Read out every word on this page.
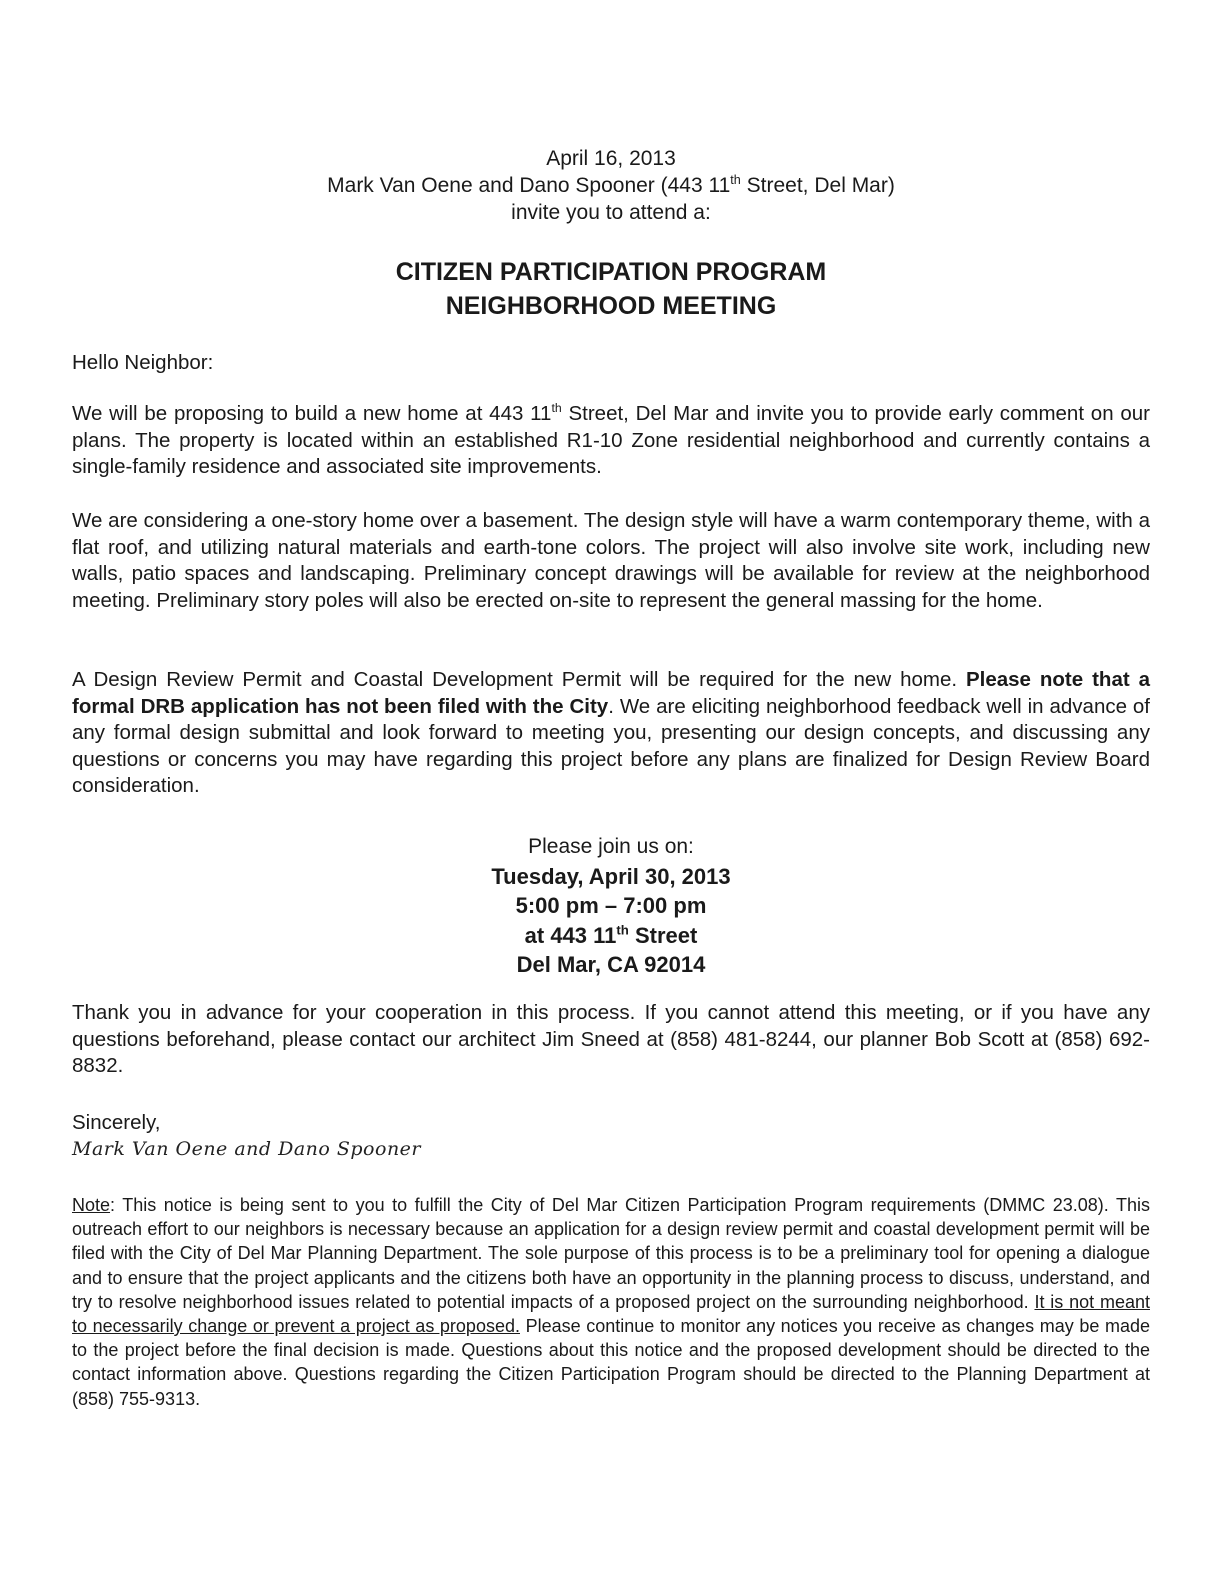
April 16, 2013
Mark Van Oene and Dano Spooner (443 11th Street, Del Mar)
invite you to attend a:
CITIZEN PARTICIPATION PROGRAM
NEIGHBORHOOD MEETING
Hello Neighbor:
We will be proposing to build a new home at 443 11th Street, Del Mar and invite you to provide early comment on our plans. The property is located within an established R1-10 Zone residential neighborhood and currently contains a single-family residence and associated site improvements.
We are considering a one-story home over a basement. The design style will have a warm contemporary theme, with a flat roof, and utilizing natural materials and earth-tone colors. The project will also involve site work, including new walls, patio spaces and landscaping. Preliminary concept drawings will be available for review at the neighborhood meeting. Preliminary story poles will also be erected on-site to represent the general massing for the home.
A Design Review Permit and Coastal Development Permit will be required for the new home. Please note that a formal DRB application has not been filed with the City. We are eliciting neighborhood feedback well in advance of any formal design submittal and look forward to meeting you, presenting our design concepts, and discussing any questions or concerns you may have regarding this project before any plans are finalized for Design Review Board consideration.
Please join us on:
Tuesday, April 30, 2013
5:00 pm – 7:00 pm
at 443 11th Street
Del Mar, CA 92014
Thank you in advance for your cooperation in this process. If you cannot attend this meeting, or if you have any questions beforehand, please contact our architect Jim Sneed at (858) 481-8244, our planner Bob Scott at (858) 692-8832.
Sincerely,
Mark Van Oene and Dano Spooner
Note: This notice is being sent to you to fulfill the City of Del Mar Citizen Participation Program requirements (DMMC 23.08). This outreach effort to our neighbors is necessary because an application for a design review permit and coastal development permit will be filed with the City of Del Mar Planning Department. The sole purpose of this process is to be a preliminary tool for opening a dialogue and to ensure that the project applicants and the citizens both have an opportunity in the planning process to discuss, understand, and try to resolve neighborhood issues related to potential impacts of a proposed project on the surrounding neighborhood. It is not meant to necessarily change or prevent a project as proposed. Please continue to monitor any notices you receive as changes may be made to the project before the final decision is made. Questions about this notice and the proposed development should be directed to the contact information above. Questions regarding the Citizen Participation Program should be directed to the Planning Department at (858) 755-9313.
